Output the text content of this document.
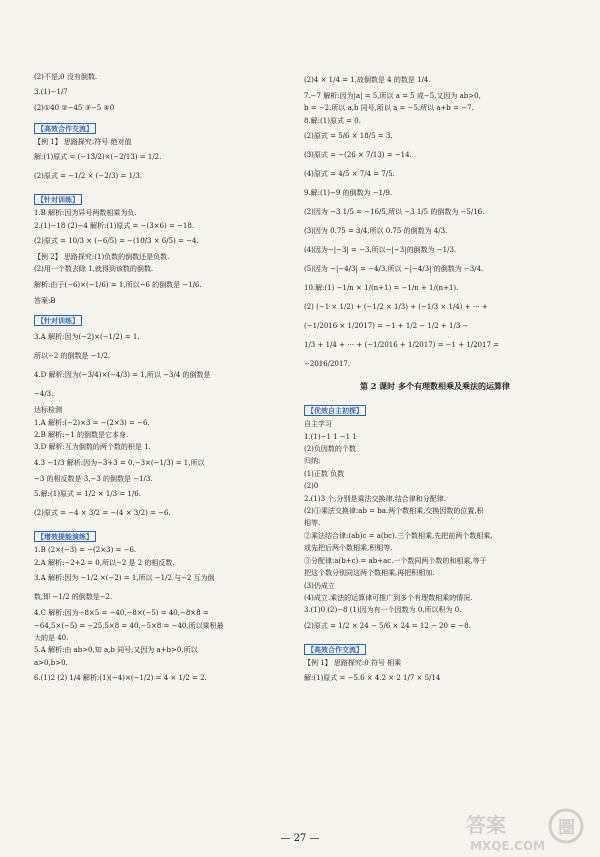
(2)不是,0 没有倒数.

3.(1)−1/7

(2)①40 ②−45 ③−5 ④0

【高效合作交流】

【例 1】 思路探究:符号 绝对值

解:(1)原式 = (−13/2)×(−2/13) = 1/2.

(2)原式 = −1/2 × (−2/3) = 1/3.

【针对训练】

1.B 解析:因为异号两数相乘为负.

2.(1)−18 (2)−4 解析:(1)原式 = −(3×6) = −18.

(2)原式 = 10/3 × (−6/5) = −(10/3 × 6/5) = −4.

【例 2】 思路探究:(1)负数的倒数还是负数.

(2)用一个数去除 1,就得到该数的倒数.

解析:由于(−6)×(−1/6) = 1,所以−6 的倒数是 −1/6.

答案:B

【针对训练】

3.A 解析:因为(−2)×(−1/2) = 1.

所以−2 的倒数是 −1/2.

4.D 解析:因为(−3/4)×(−4/3) = 1,所以 −3/4 的倒数是

−4/3.

达标检测

1.A 解析:(−2)×3 = −(2×3) = −6.

2.B 解析:−1 的倒数是它本身.

3.D 解析:互为倒数的两个数的积是 1.

4.3 −1/3 解析:因为−3+3 = 0,−3×(−1/3) = 1,所以

−3 的相反数是 3,−3 的倒数是 −1/3.

5.解:(1)原式 = 1/2 × 1/3 = 1/6.

(2)原式 = −4 × 3/2 = −(4 × 3/2) = −6.

【增效提能演练】

1.B (2×(−3) = −(2×3) = −6.

2.A 解析:−2+2 = 0,所以−2 是 2 的相反数.

3.A 解析:因为 −1/2 ×(−2) = 1,所以 −1/2 与−2 互为倒

数,即 −1/2 的倒数是−2.

4.C 解析:因为−8×5 = −40,−8×(−5) = 40,−8×8 =

−64,5×(−5) = −25,5×8 = 40,−5×8 = −40,所以乘积最

大的是 40.

5.A 解析:由 ab>0,知 a,b 同号,又因为 a+b>0,所以

a>0,b>0.

6.(1)2 (2) 1/4 解析:(1)(−4)×(−1/2) = 4 × 1/2 = 2.

(2)4 × 1/4 = 1,故倒数是 4 的数是 1/4.

7.−7 解析:因为|a| = 5,所以 a = 5 或−5,又因为 ab>0,

b = −2,所以 a,b 同号,所以 a = −5,所以 a+b = −7.

8.解:(1)原式 = 0.

(2)原式 = 5/6 × 18/5 = 3.

(3)原式 = −(26 × 7/13) = −14.

(4)原式 = 4/5 × 7/4 = 7/5.

9.解:(1)−9 的倒数为 −1/9.

(2)因为 −3 1/5 = −16/5,所以 −3 1/5 的倒数为 −5/16.

(3)因为 0.75 = 3/4,所以 0.75 的倒数为 4/3.

(4)因为−|−3| = −3,所以−|−3|的倒数为 −1/3.

(5)因为 −|−4/3| = −4/3,所以 −|−4/3| 的倒数为 −3/4.

10.解:(1) −1/n × 1/(n+1) = −1/n + 1/(n+1).

(2) (−1 × 1/2) + (−1/2 × 1/3) + (−1/3 × 1/4) + ⋯ +

(−1/2016 × 1/2017) = −1 + 1/2 − 1/2 + 1/3 −

1/3 + 1/4 + ⋯ + (−1/2016 + 1/2017) = −1 + 1/2017 =

−2016/2017.

第 2 课时 多个有理数相乘及乘法的运算律
【优效自主初探】

自主学习

1.(1)−1 1 −1 1

(2)负因数的个数

归纳:

(1)正数 负数

(2)0

2.(1)3 个,分别是乘法交换律,结合律和分配律.

(2)①乘法交换律:ab = ba.两个数相乘,交换因数的位置,积

相等.

②乘法结合律:(ab)c = a(bc).三个数相乘,先把前两个数相乘,

或先把后两个数相乘,积相等.

③分配律:a(b+c) = ab+ac.一个数同两个数的和相乘,等于

把这个数分别同这两个数相乘,再把积相加.

(3)仍成立

(4)成立.乘法的运算律可推广到多个有理数相乘的情况.

3.(1)0 (2)−8 (1)因为有一个因数为 0,所以积为 0.

(2)原式 = 1/2 × 24 − 5/6 × 24 = 12 − 20 = −8.

【高效合作交流】

【例 1】 思路探究:0 符号 相乘

解:(1)原式 = −5.6 × 4.2 × 2 1/7 × 5/14

— 27 —
答案	圈
MXQE.COM
